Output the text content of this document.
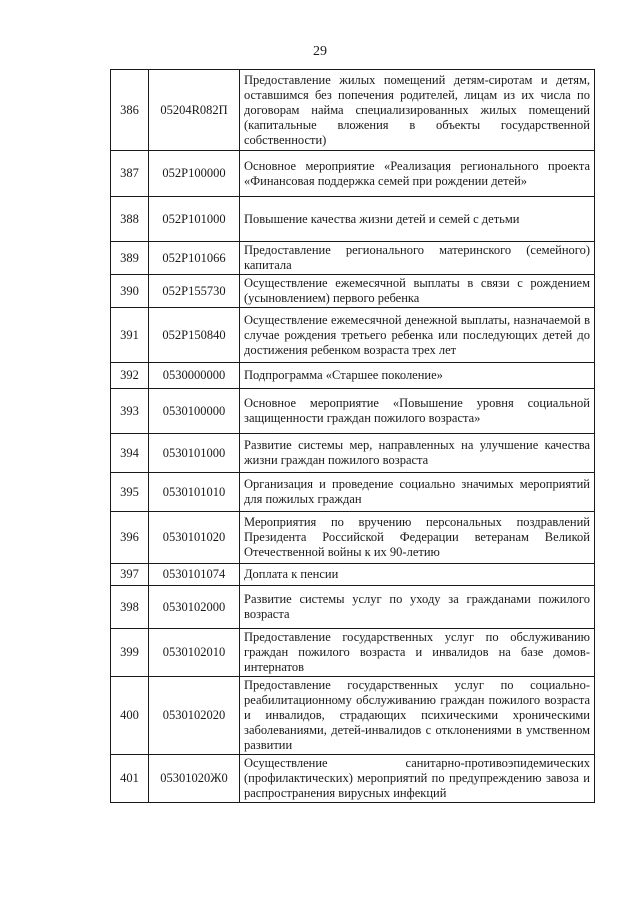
29
386	05204R082П	Предоставление жилых помещений детям-сиротам и детям, оставшимся без попечения родителей, лицам из их числа по договорам найма специализированных жилых помещений (капитальные вложения в объекты государственной собственности)
387	052P100000	Основное мероприятие «Реализация регионального проекта «Финансовая поддержка семей при рождении детей»
388	052P101000	Повышение качества жизни детей и семей с детьми
389	052P101066	Предоставление регионального материнского (семейного) капитала
390	052P155730	Осуществление ежемесячной выплаты в связи с рождением (усыновлением) первого ребенка
391	052P150840	Осуществление ежемесячной денежной выплаты, назначаемой в случае рождения третьего ребенка или последующих детей до достижения ребенком возраста трех лет
392	0530000000	Подпрограмма «Старшее поколение»
393	0530100000	Основное мероприятие «Повышение уровня социальной защищенности граждан пожилого возраста»
394	0530101000	Развитие системы мер, направленных на улучшение качества жизни граждан пожилого возраста
395	0530101010	Организация и проведение социально значимых мероприятий для пожилых граждан
396	0530101020	Мероприятия по вручению персональных поздравлений Президента Российской Федерации ветеранам Великой Отечественной войны к их 90-летию
397	0530101074	Доплата к пенсии
398	0530102000	Развитие системы услуг по уходу за гражданами пожилого возраста
399	0530102010	Предоставление государственных услуг по обслуживанию граждан пожилого возраста и инвалидов на базе домов-интернатов
400	0530102020	Предоставление государственных услуг по социально-реабилитационному обслуживанию граждан пожилого возраста и инвалидов, страдающих психическими хроническими заболеваниями, детей-инвалидов с отклонениями в умственном развитии
401	05301020Ж0	Осуществление санитарно-противоэпидемических (профилактических) мероприятий по предупреждению завоза и распространения вирусных инфекций
